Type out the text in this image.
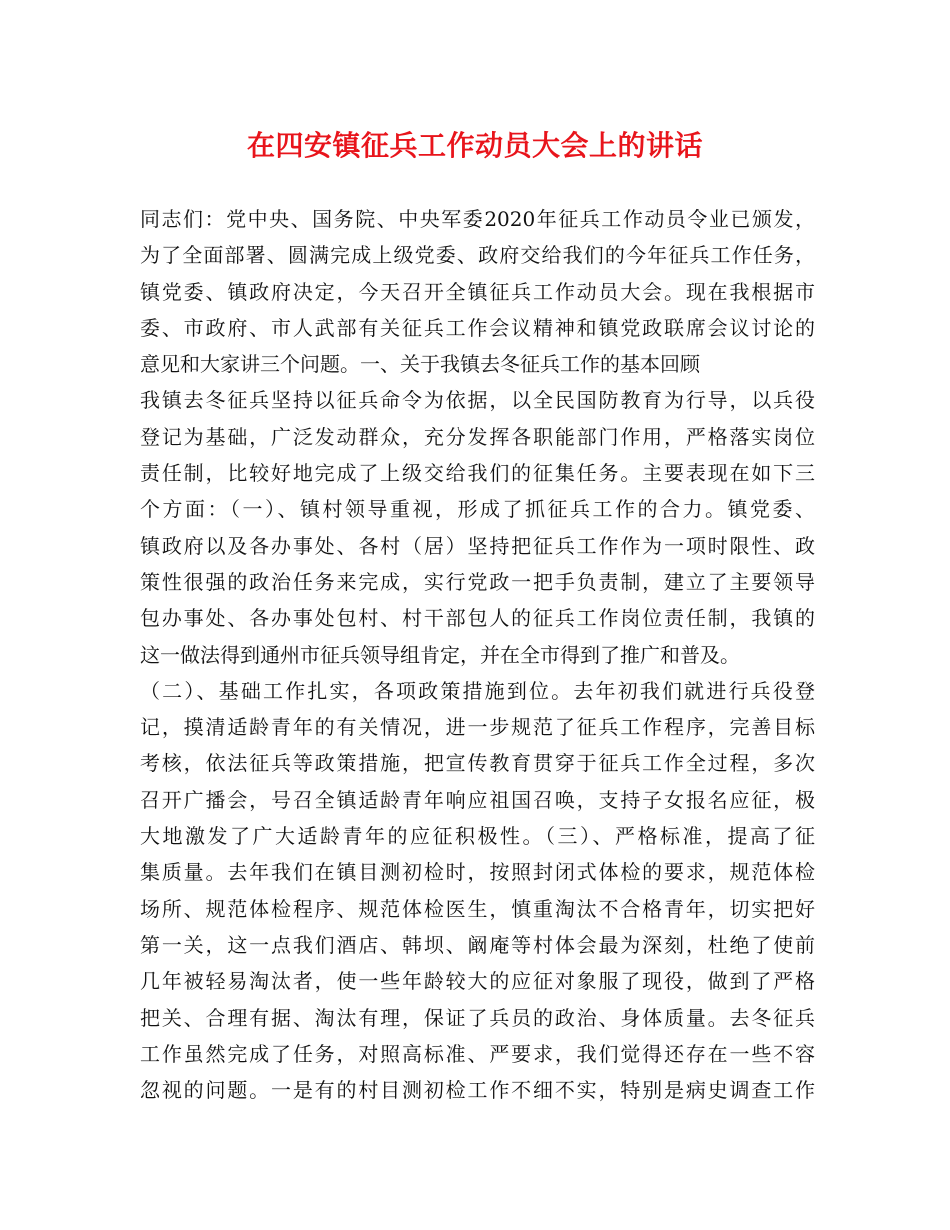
在四安镇征兵工作动员大会上的讲话
同志们：党中央、国务院、中央军委2020年征兵工作动员令业已颁发，
为了全面部署、圆满完成上级党委、政府交给我们的今年征兵工作任务，
镇党委、镇政府决定，今天召开全镇征兵工作动员大会。现在我根据市
委、市政府、市人武部有关征兵工作会议精神和镇党政联席会议讨论的
意见和大家讲三个问题。一、关于我镇去冬征兵工作的基本回顾
我镇去冬征兵坚持以征兵命令为依据，以全民国防教育为行导，以兵役
登记为基础，广泛发动群众，充分发挥各职能部门作用，严格落实岗位
责任制，比较好地完成了上级交给我们的征集任务。主要表现在如下三
个方面：（一）、镇村领导重视，形成了抓征兵工作的合力。镇党委、
镇政府以及各办事处、各村（居）坚持把征兵工作作为一项时限性、政
策性很强的政治任务来完成，实行党政一把手负责制，建立了主要领导
包办事处、各办事处包村、村干部包人的征兵工作岗位责任制，我镇的
这一做法得到通州市征兵领导组肯定，并在全市得到了推广和普及。
（二）、基础工作扎实，各项政策措施到位。去年初我们就进行兵役登
记，摸清适龄青年的有关情况，进一步规范了征兵工作程序，完善目标
考核，依法征兵等政策措施，把宣传教育贯穿于征兵工作全过程，多次
召开广播会，号召全镇适龄青年响应祖国召唤，支持子女报名应征，极
大地激发了广大适龄青年的应征积极性。（三）、严格标准，提高了征
集质量。去年我们在镇目测初检时，按照封闭式体检的要求，规范体检
场所、规范体检程序、规范体检医生，慎重淘汰不合格青年，切实把好
第一关，这一点我们酒店、韩坝、阚庵等村体会最为深刻，杜绝了使前
几年被轻易淘汰者，使一些年龄较大的应征对象服了现役，做到了严格
把关、合理有据、淘汰有理，保证了兵员的政治、身体质量。去冬征兵
工作虽然完成了任务，对照高标准、严要求，我们觉得还存在一些不容
忽视的问题。一是有的村目测初检工作不细不实，特别是病史调查工作
